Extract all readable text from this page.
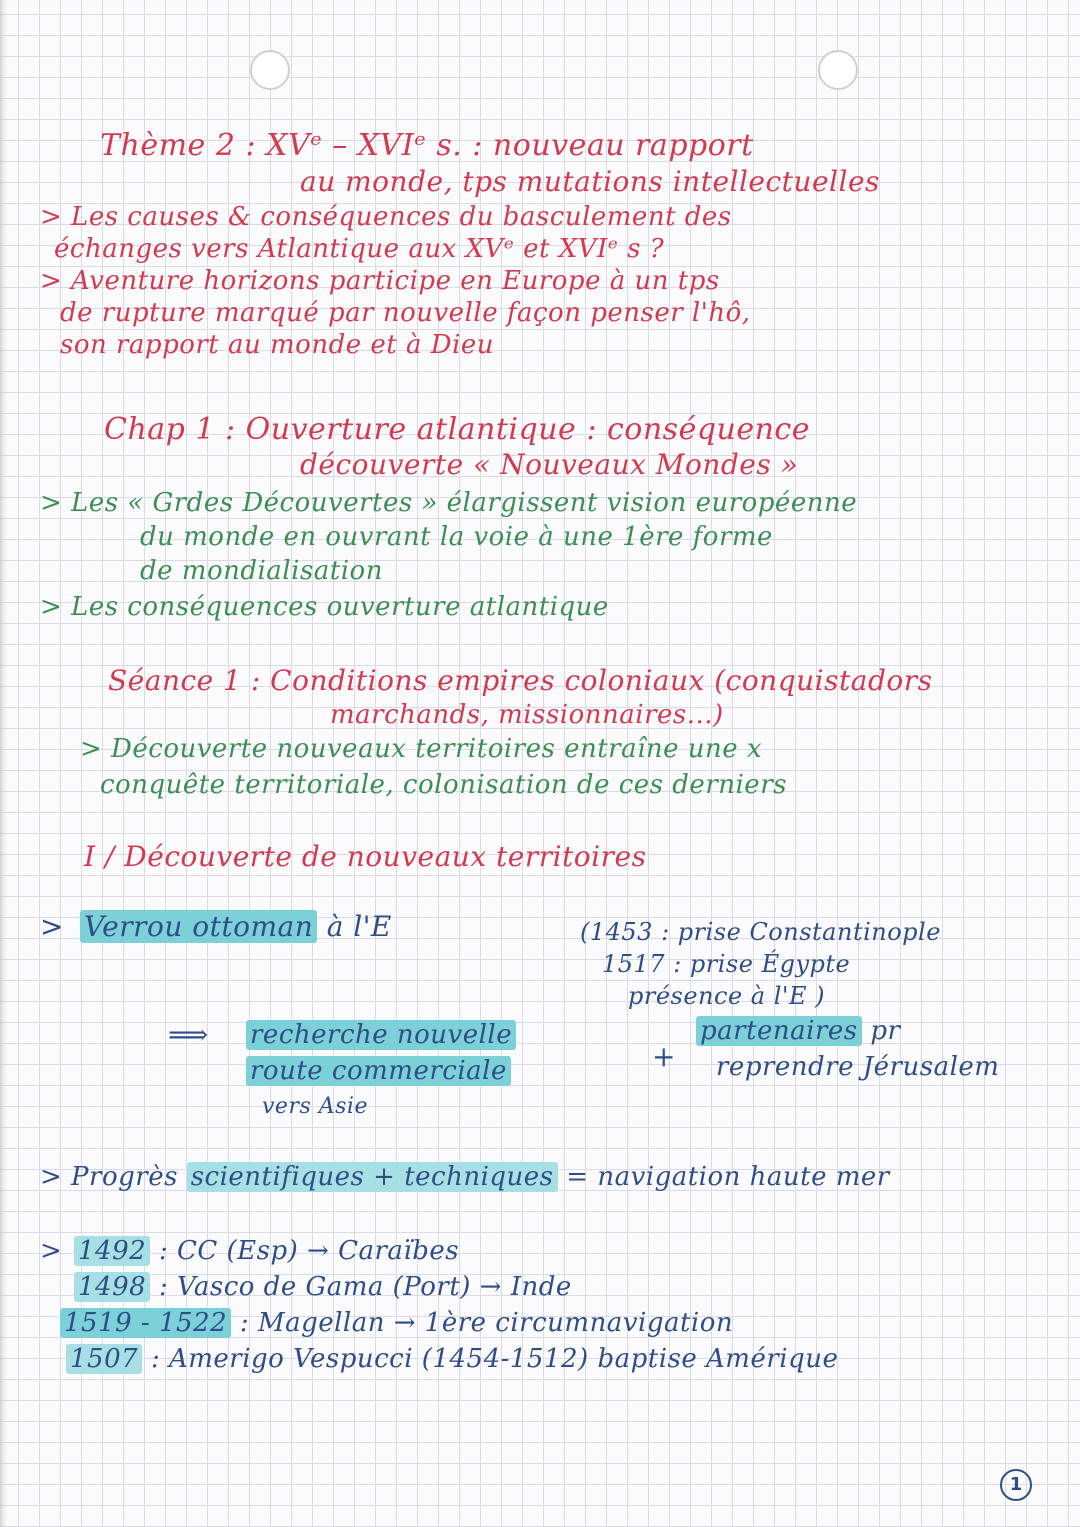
Thème 2 : XVᵉ – XVIᵉ s. : nouveau rapport
au monde, tps mutations intellectuelles
> Les causes & conséquences du basculement des
échanges vers Atlantique aux XVᵉ et XVIᵉ s ?
> Aventure horizons participe en Europe à un tps
de rupture marqué par nouvelle façon penser l'hô,
son rapport au monde et à Dieu
Chap 1 : Ouverture atlantique : conséquence
découverte « Nouveaux Mondes »
> Les « Grdes Découvertes » élargissent vision européenne
du monde en ouvrant la voie à une 1ère forme
de mondialisation
> Les conséquences ouverture atlantique
Séance 1 : Conditions empires coloniaux (conquistadors
marchands, missionnaires...)
> Découverte nouveaux territoires entraîne une x
conquête territoriale, colonisation de ces derniers
I / Découverte de nouveaux territoires
> Verrou ottoman à l'E	(1453 : prise Constantinople
1517 : prise Égypte
présence à l'E )
⟹ recherche nouvelle
route commerciale
vers Asie
+
partenaires pr
reprendre Jérusalem
> Progrès scientifiques + techniques = navigation haute mer
> 1492 : CC (Esp) → Caraïbes
1498 : Vasco de Gama (Port) → Inde
1519 - 1522 : Magellan → 1ère circumnavigation
1507 : Amerigo Vespucci (1454-1512) baptise Amérique
1
